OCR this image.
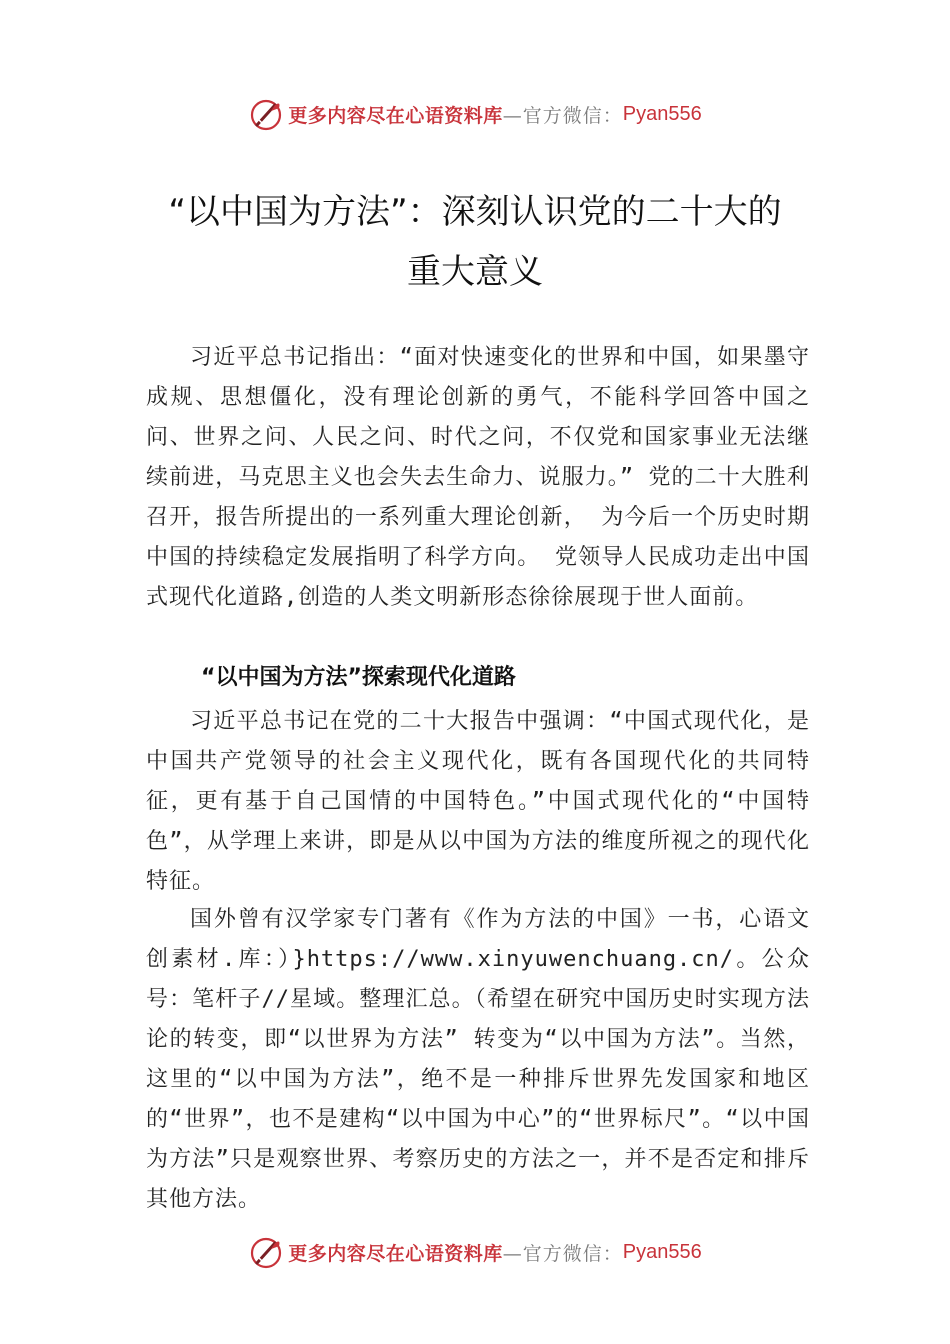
更多内容尽在心语资料库 —官方微信： Pyan556
“以中国为方法”：深刻认识党的二十大的
重大意义

习近平总书记指出：“面对快速变化的世界和中国，如果墨守成规、思想僵化，没有理论创新的勇气，不能科学回答中国之问、世界之问、人民之问、时代之问，不仅党和国家事业无法继续前进，马克思主义也会失去生命力、说服力。” 党的二十大胜利召开，报告所提出的一系列重大理论创新， 为今后一个历史时期中国的持续稳定发展指明了科学方向。 党领导人民成功走出中国式现代化道路,创造的人类文明新形态徐徐展现于世人面前。

“以中国为方法”探索现代化道路

习近平总书记在党的二十大报告中强调：“中国式现代化，是中国共产党领导的社会主义现代化，既有各国现代化的共同特征，更有基于自己国情的中国特色。”中国式现代化的“中国特色”，从学理上来讲，即是从以中国为方法的维度所视之的现代化特征。

国外曾有汉学家专门著有《作为方法的中国》一书，心语文创素材.库：）}https://www.xinyuwenchuang.cn/。公众号：笔杆子//星域。整理汇总。（希望在研究中国历史时实现方法论的转变，即“以世界为方法” 转变为“以中国为方法”。当然，这里的“以中国为方法”，绝不是一种排斥世界先发国家和地区的“世界”，也不是建构“以中国为中心”的“世界标尺”。“以中国为方法”只是观察世界、考察历史的方法之一，并不是否定和排斥其他方法。

更多内容尽在心语资料库 —官方微信： Pyan556
